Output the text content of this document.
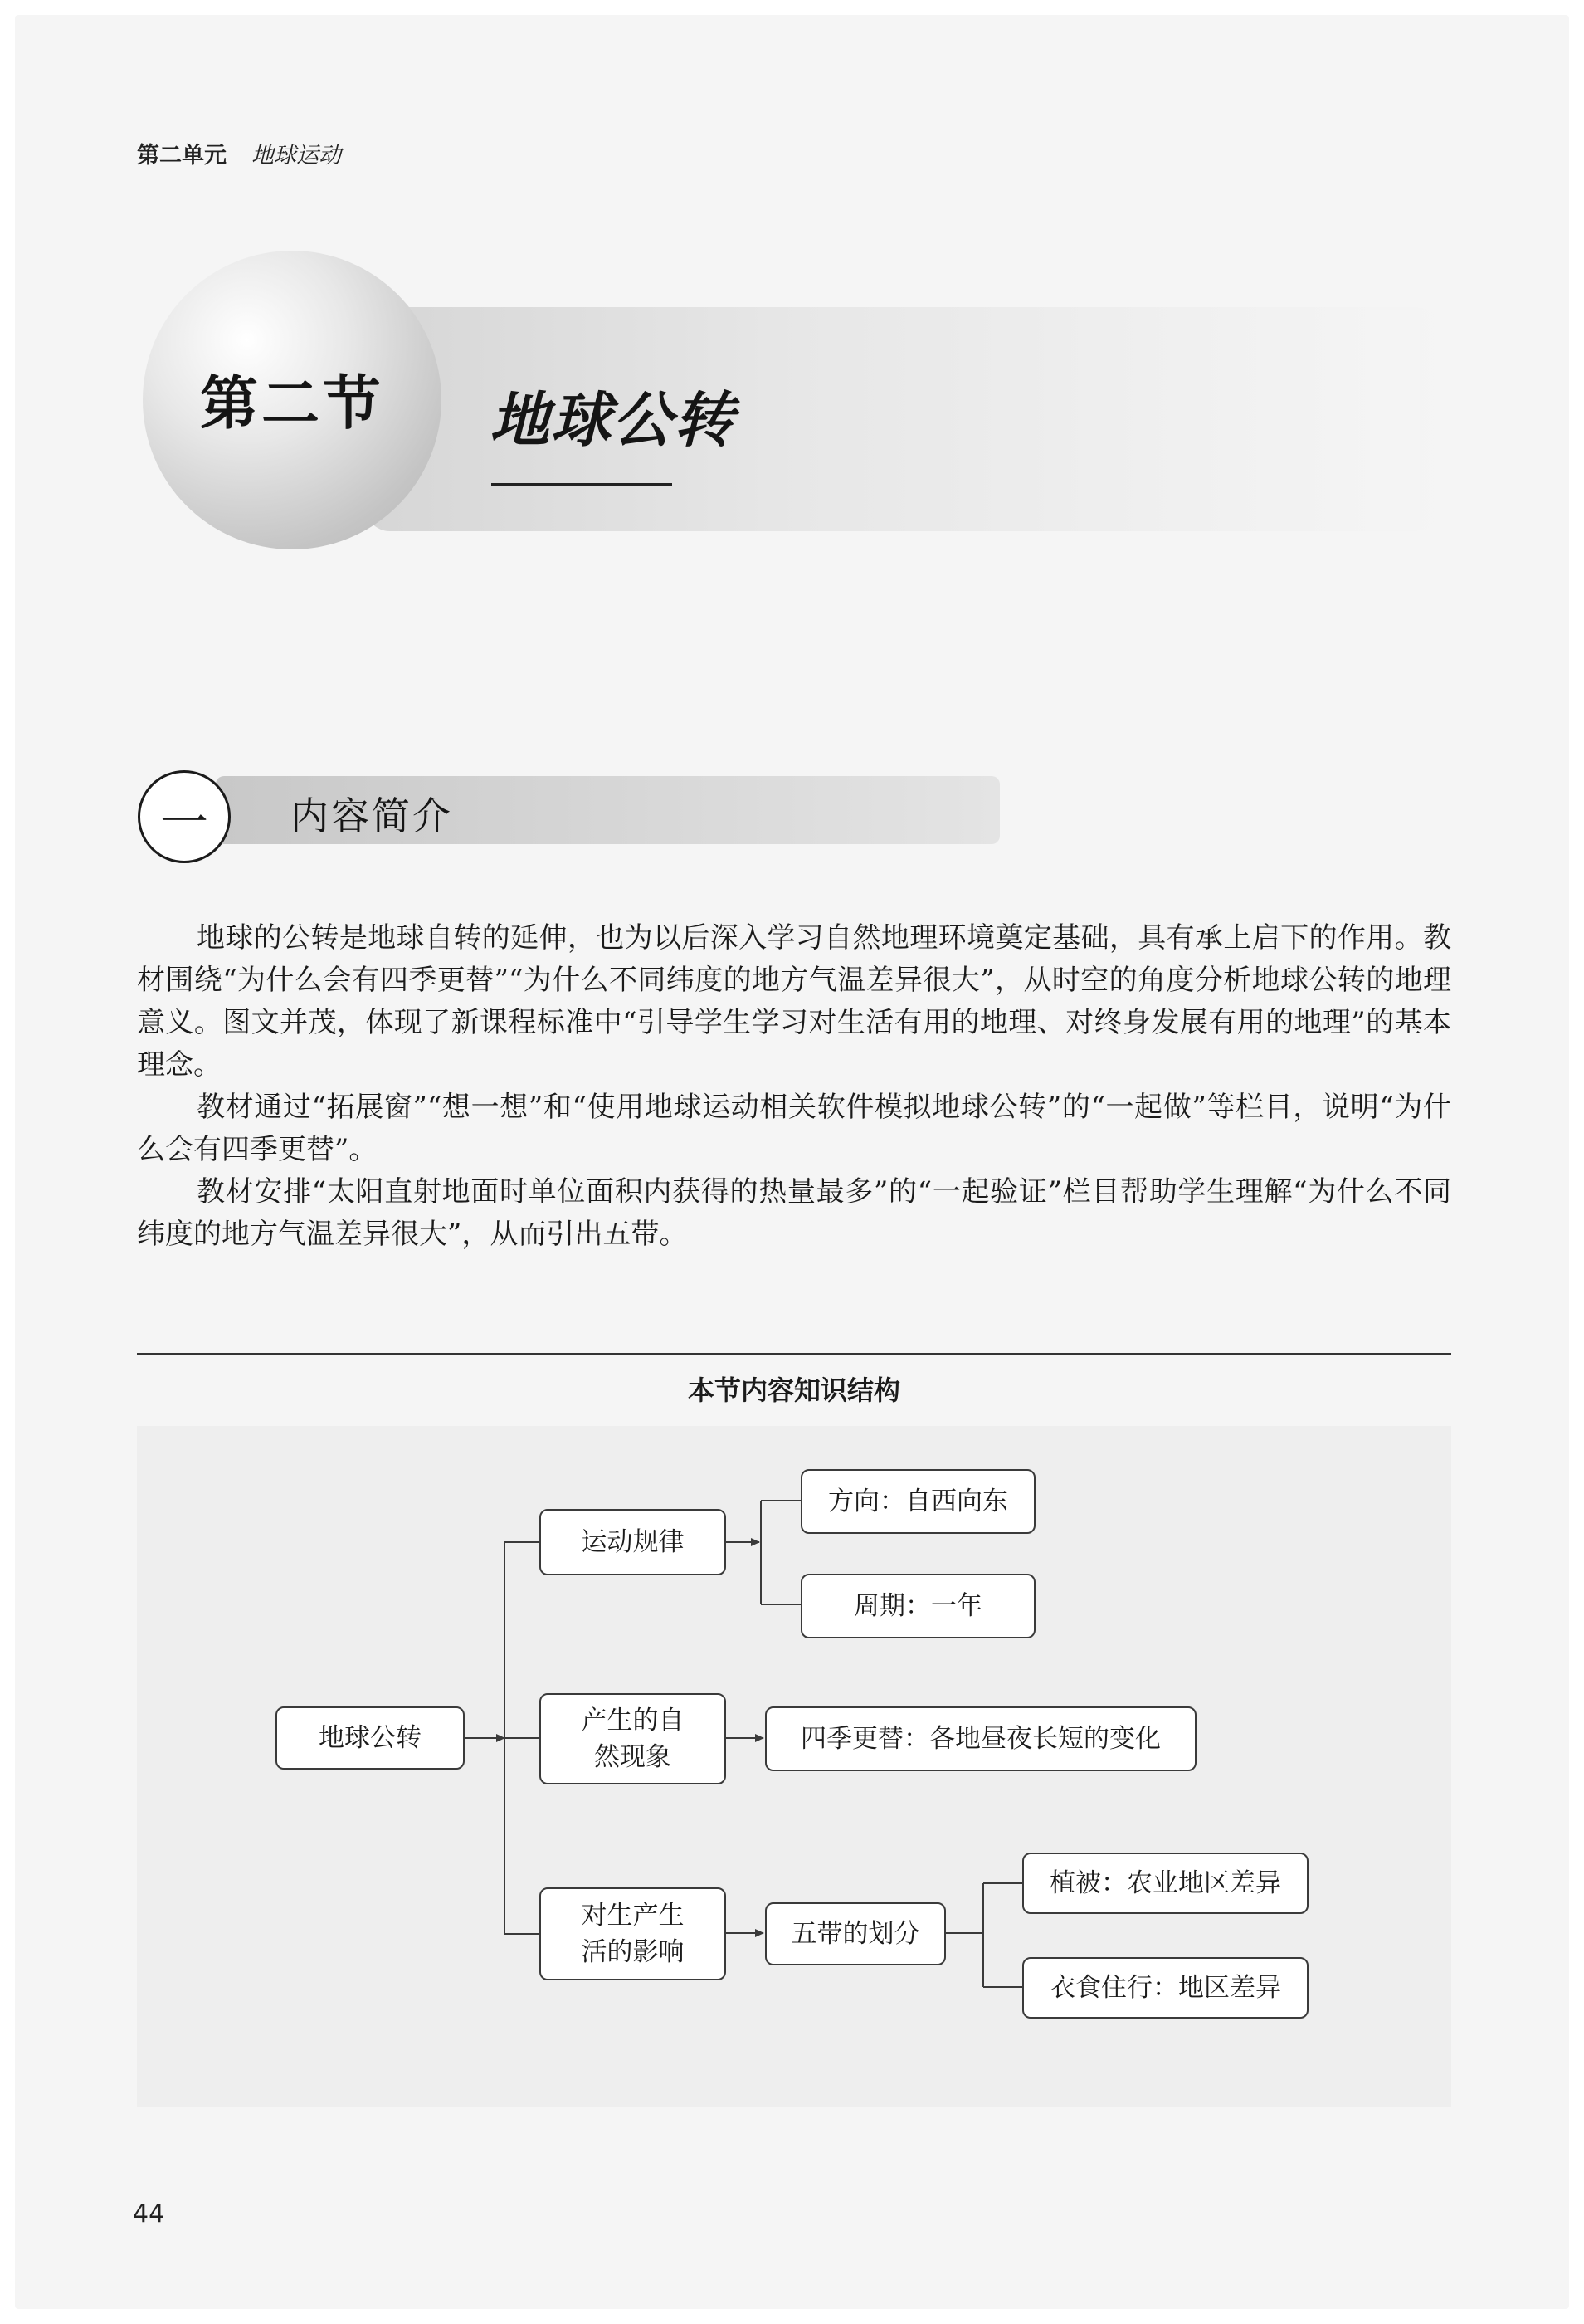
第二单元 地球运动
第二节	地球公转
一	内容简介

地球的公转是地球自转的延伸，也为以后深入学习自然地理环境奠定基础，具有承上启下的作用。教材围绕“为什么会有四季更替”“为什么不同纬度的地方气温差异很大”，从时空的角度分析地球公转的地理意义。图文并茂，体现了新课程标准中“引导学生学习对生活有用的地理、对终身发展有用的地理”的基本理念。

教材通过“拓展窗”“想一想”和“使用地球运动相关软件模拟地球公转”的“一起做”等栏目，说明“为什么会有四季更替”。

教材安排“太阳直射地面时单位面积内获得的热量最多”的“一起验证”栏目帮助学生理解“为什么不同纬度的地方气温差异很大”，从而引出五带。

本节内容知识结构
地球公转
运动规律
方向：自西向东
周期：一年
产生的自然现象
四季更替：各地昼夜长短的变化
对生产生活的影响
五带的划分
植被：农业地区差异
衣食住行：地区差异
44
